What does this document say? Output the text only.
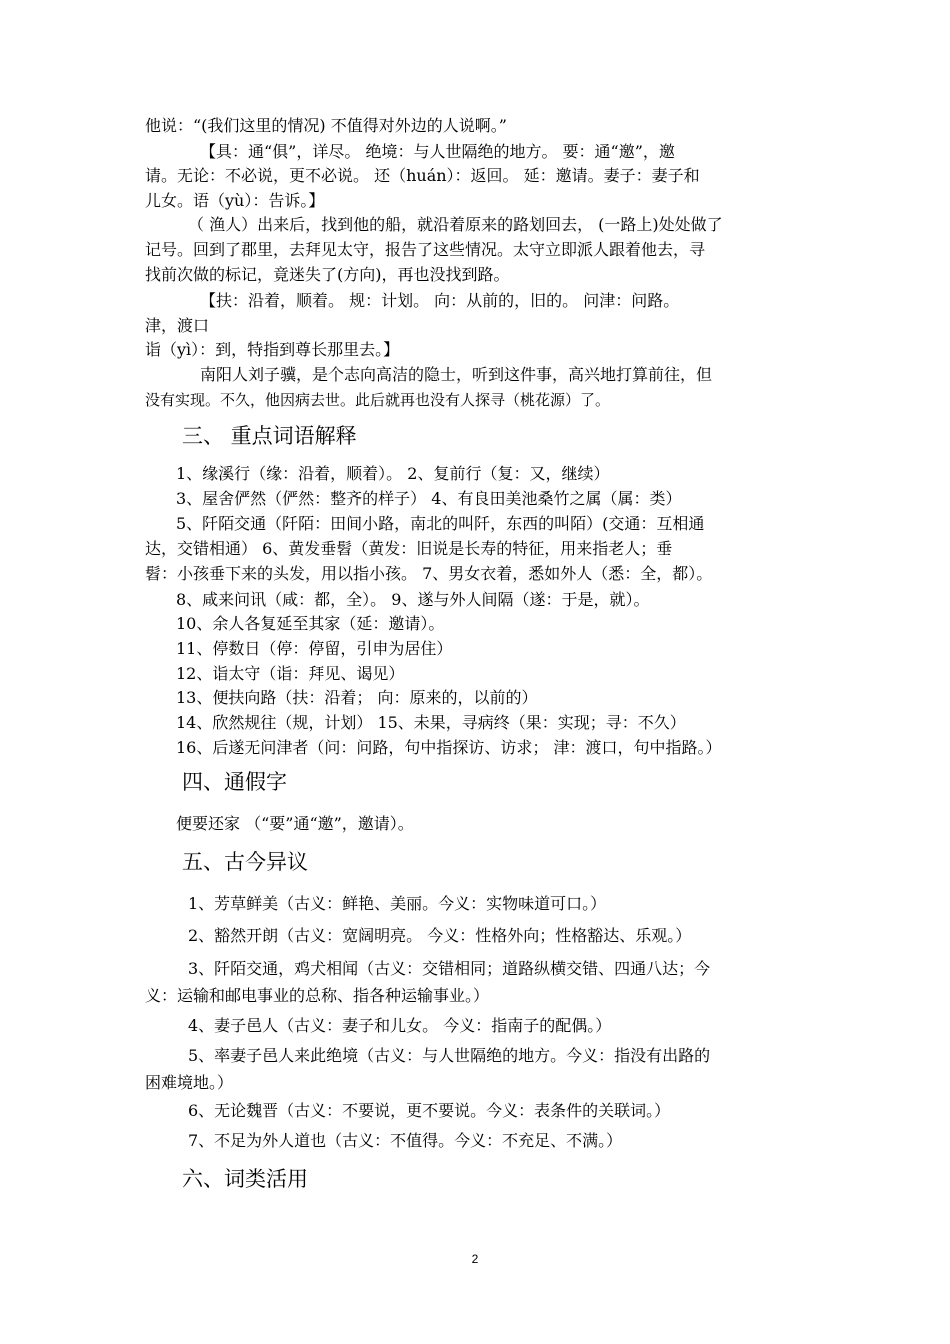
他说：“(我们这里的情况) 不值得对外边的人说啊。”
【具：通“俱”，详尽。 绝境：与人世隔绝的地方。 要：通“邀”，邀
请。无论：不必说，更不必说。 还（huán）：返回。 延：邀请。妻子：妻子和
儿女。语（yù）：告诉。】
（ 渔人）出来后，找到他的船，就沿着原来的路划回去， (一路上)处处做了
记号。回到了郡里，去拜见太守，报告了这些情况。太守立即派人跟着他去，寻
找前次做的标记，竟迷失了(方向)，再也没找到路。
【扶：沿着，顺着。 规：计划。 向：从前的，旧的。 问津：问路。
津，渡口
诣（yì）：到，特指到尊长那里去。】
南阳人刘子骥，是个志向高洁的隐士，听到这件事，高兴地打算前往，但
没有实现。不久，他因病去世。此后就再也没有人探寻（桃花源）了。
三、 重点词语解释
1、缘溪行（缘：沿着，顺着）。 2、复前行（复：又，继续）
3、屋舍俨然（俨然：整齐的样子） 4、有良田美池桑竹之属（属：类）
5、阡陌交通（阡陌：田间小路，南北的叫阡，东西的叫陌）(交通：互相通
达，交错相通） 6、黄发垂髫（黄发：旧说是长寿的特征，用来指老人；垂
髫：小孩垂下来的头发，用以指小孩。 7、男女衣着，悉如外人（悉：全，都）。
8、咸来问讯（咸：都，全）。 9、遂与外人间隔（遂：于是，就）。
10、余人各复延至其家（延：邀请）。
11、停数日（停：停留，引申为居住）
12、诣太守（诣：拜见、谒见）
13、便扶向路（扶：沿着； 向：原来的，以前的）
14、欣然规往（规，计划） 15、未果，寻病终（果：实现；寻：不久）
16、后遂无问津者（问：问路，句中指探访、访求； 津：渡口，句中指路。）
四、通假字
便要还家 （“要”通“邀”，邀请）。
五、古今异议
1、芳草鲜美（古义：鲜艳、美丽。今义：实物味道可口。）
2、豁然开朗（古义：宽阔明亮。 今义：性格外向；性格豁达、乐观。）
3、阡陌交通，鸡犬相闻（古义：交错相同；道路纵横交错、四通八达；今
义：运输和邮电事业的总称、指各种运输事业。）
4、妻子邑人（古义：妻子和儿女。 今义：指南子的配偶。）
5、率妻子邑人来此绝境（古义：与人世隔绝的地方。今义：指没有出路的
困难境地。）
6、无论魏晋（古义：不要说，更不要说。今义：表条件的关联词。）
7、不足为外人道也（古义：不值得。今义：不充足、不满。）
六、词类活用
2
